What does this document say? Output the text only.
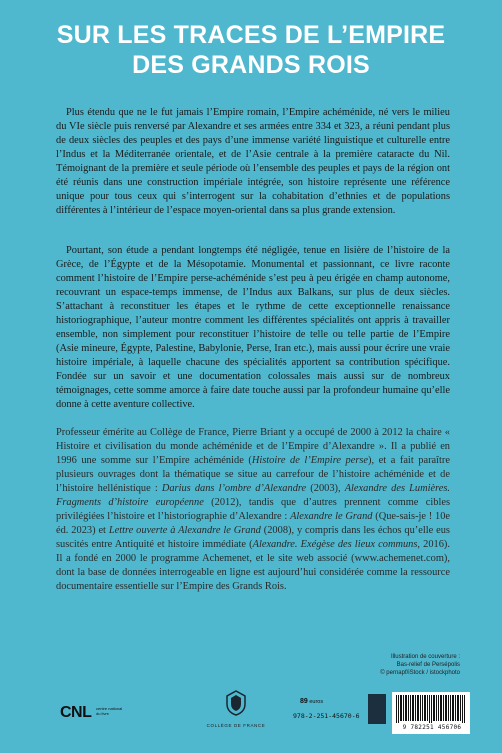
SUR LES TRACES DE L’EMPIRE
DES GRANDS ROIS

Plus étendu que ne le fut jamais l’Empire romain, l’Empire achéménide, né vers le milieu du VIe siècle puis renversé par Alexandre et ses armées entre 334 et 323, a réuni pendant plus de deux siècles des peuples et des pays d’une immense variété linguistique et culturelle entre l’Indus et la Méditerranée orientale, et de l’Asie centrale à la première cataracte du Nil. Témoignant de la première et seule période où l’ensemble des peuples et pays de la région ont été réunis dans une construction impériale intégrée, son histoire représente une référence unique pour tous ceux qui s’interrogent sur la cohabitation d’ethnies et de populations différentes à l’intérieur de l’espace moyen-oriental dans sa plus grande extension.

Pourtant, son étude a pendant longtemps été négligée, tenue en lisière de l’histoire de la Grèce, de l’Égypte et de la Mésopotamie. Monumental et passionnant, ce livre raconte comment l’histoire de l’Empire perse-achéménide s’est peu à peu érigée en champ autonome, recouvrant un espace-temps immense, de l’Indus aux Balkans, sur plus de deux siècles. S’attachant à reconstituer les étapes et le rythme de cette exceptionnelle renaissance historiographique, l’auteur montre comment les différentes spécialités ont appris à travailler ensemble, non simplement pour reconstituer l’histoire de telle ou telle partie de l’Empire (Asie mineure, Égypte, Palestine, Babylonie, Perse, Iran etc.), mais aussi pour écrire une vraie histoire impériale, à laquelle chacune des spécialités apportent sa contribution spécifique. Fondée sur un savoir et une documentation colossales mais aussi sur de nombreux témoignages, cette somme amorce à faire date touche aussi par la profondeur humaine qu’elle donne à cette aventure collective.

Professeur émérite au Collège de France, Pierre Briant y a occupé de 2000 à 2012 la chaire « Histoire et civilisation du monde achéménide et de l’Empire d’Alexandre ». Il a publié en 1996 une somme sur l’Empire achéménide (Histoire de l’Empire perse), et a fait paraître plusieurs ouvrages dont la thématique se situe au carrefour de l’histoire achéménide et de l’histoire hellénistique : Darius dans l’ombre d’Alexandre (2003), Alexandre des Lumières. Fragments d’histoire européenne (2012), tandis que d’autres prennent comme cibles privilégiées l’histoire et l’historiographie d’Alexandre : Alexandre le Grand (Que-sais-je ! 10e éd. 2023) et Lettre ouverte à Alexandre le Grand (2008), y compris dans les échos qu’elle eus suscités entre Antiquité et histoire immédiate (Alexandre. Exégèse des lieux communs, 2016). Il a fondé en 2000 le programme Achemenet, et le site web associé (www.achemenet.com), dont la base de données interrogeable en ligne est aujourd’hui considérée comme la ressource documentaire essentielle sur l’Empire des Grands Rois.

Illustration de couverture :
Bas-relief de Persépolis
© pernapf/iStock / istockphoto
CNL centre national du livre
COLLÈGE DE FRANCE
89 euros
978-2-251-45670-6
9 782251 456706
